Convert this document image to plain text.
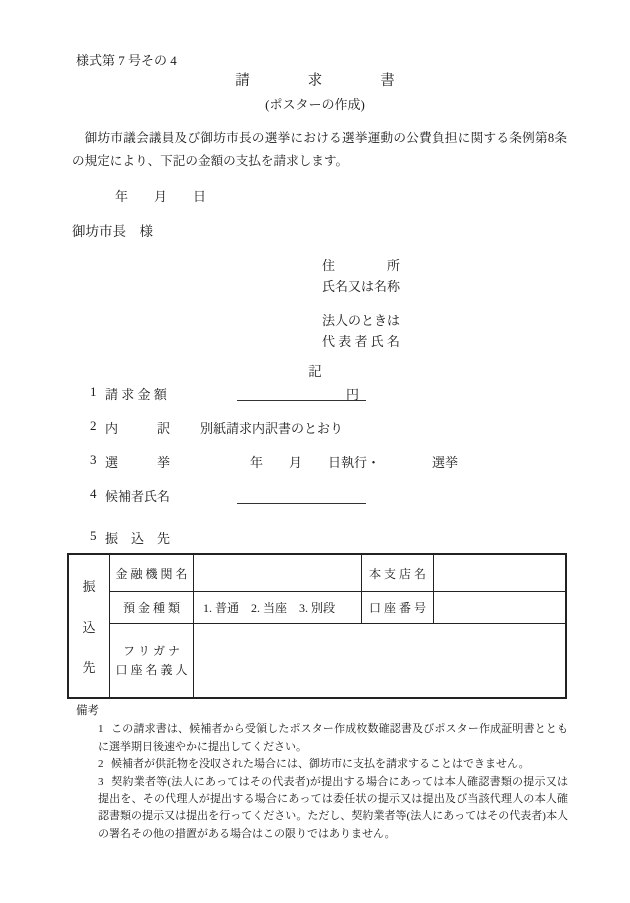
様式第 7 号その 4
請　　　　求　　　　書
(ポスターの作成)
御坊市議会議員及び御坊市長の選挙における選挙運動の公費負担に関する条例第8条の規定により、下記の金額の支払を請求します。
年　　月　　日
御坊市長　様
住　　　　所
氏名又は名称
法人のときは
代 表 者 氏 名
記
1 請 求 金 額	円
2 内　　　訳 別紙請求内訳書のとおり
3 選　　　挙	年　　月　　日執行・　　　　選挙
4 候補者氏名
5 振　込　先
振
込
先
金 融 機 関 名	本 支 店 名
預 金 種 類	1. 普通　2. 当座　3. 別段	口 座 番 号
フ リ ガ ナ
口 座 名 義 人
備考
1 この請求書は、候補者から受領したポスター作成枚数確認書及びポスター作成証明書とともに選挙期日後速やかに提出してください。
2 候補者が供託物を没収された場合には、御坊市に支払を請求することはできません。
3 契約業者等(法人にあってはその代表者)が提出する場合にあっては本人確認書類の提示又は提出を、その代理人が提出する場合にあっては委任状の提示又は提出及び当該代理人の本人確認書類の提示又は提出を行ってください。ただし、契約業者等(法人にあってはその代表者)本人の署名その他の措置がある場合はこの限りではありません。
